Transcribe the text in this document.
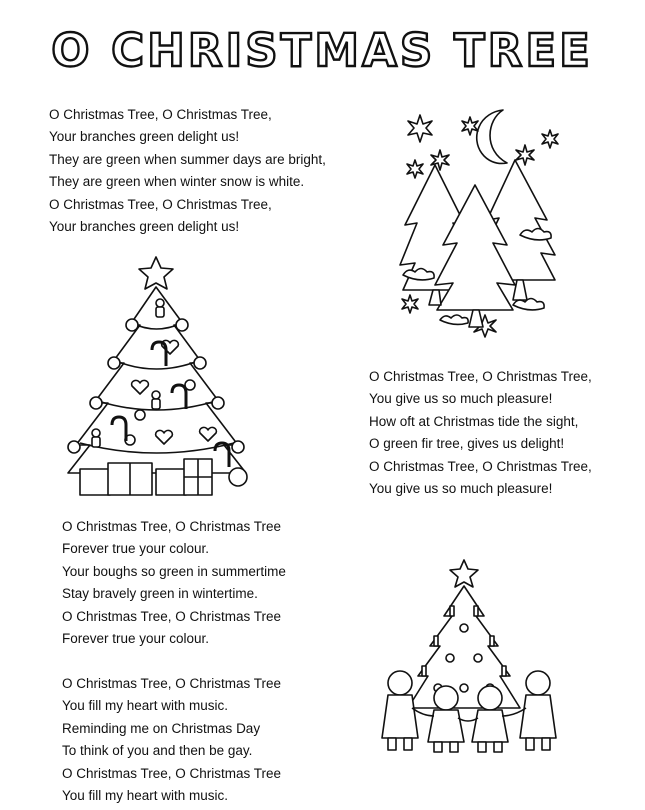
O CHRISTMAS TREE
O Christmas Tree, O Christmas Tree,
Your branches green delight us!
They are green when summer days are bright,
They are green when winter snow is white.
O Christmas Tree, O Christmas Tree,
Your branches green delight us!
O Christmas Tree, O Christmas Tree,
You give us so much pleasure!
How oft at Christmas tide the sight,
O green fir tree, gives us delight!
O Christmas Tree, O Christmas Tree,
You give us so much pleasure!
O Christmas Tree, O Christmas Tree
Forever true your colour.
Your boughs so green in summertime
Stay bravely green in wintertime.
O Christmas Tree, O Christmas Tree
Forever true your colour.
O Christmas Tree, O Christmas Tree
You fill my heart with music.
Reminding me on Christmas Day
To think of you and then be gay.
O Christmas Tree, O Christmas Tree
You fill my heart with music.
